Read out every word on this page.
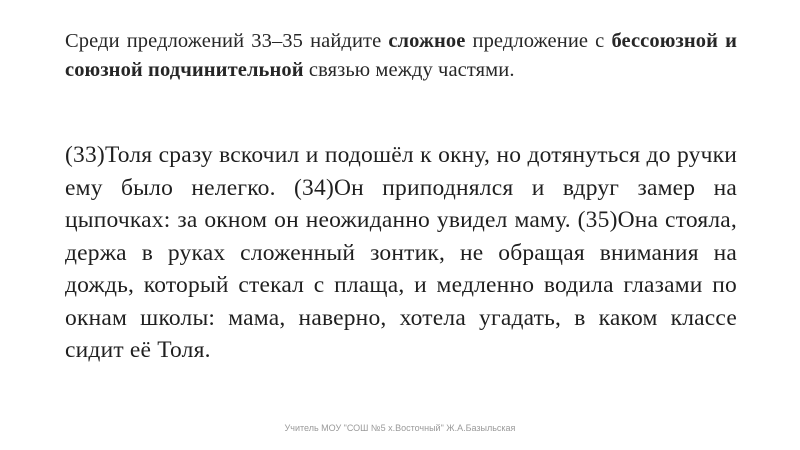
Среди предложений 33–35 найдите сложное предложение с бессоюзной и союзной подчинительной связью между частями.
(33)Толя сразу вскочил и подошёл к окну, но дотянуться до ручки ему было нелегко. (34)Он приподнялся и вдруг замер на цыпочках: за окном он неожиданно увидел маму. (35)Она стояла, держа в руках сложенный зонтик, не обращая внимания на дождь, который стекал с плаща, и медленно водила глазами по окнам школы: мама, наверно, хотела угадать, в каком классе сидит её Толя.
Учитель МОУ "СОШ №5 х.Восточный" Ж.А.Базыльская
